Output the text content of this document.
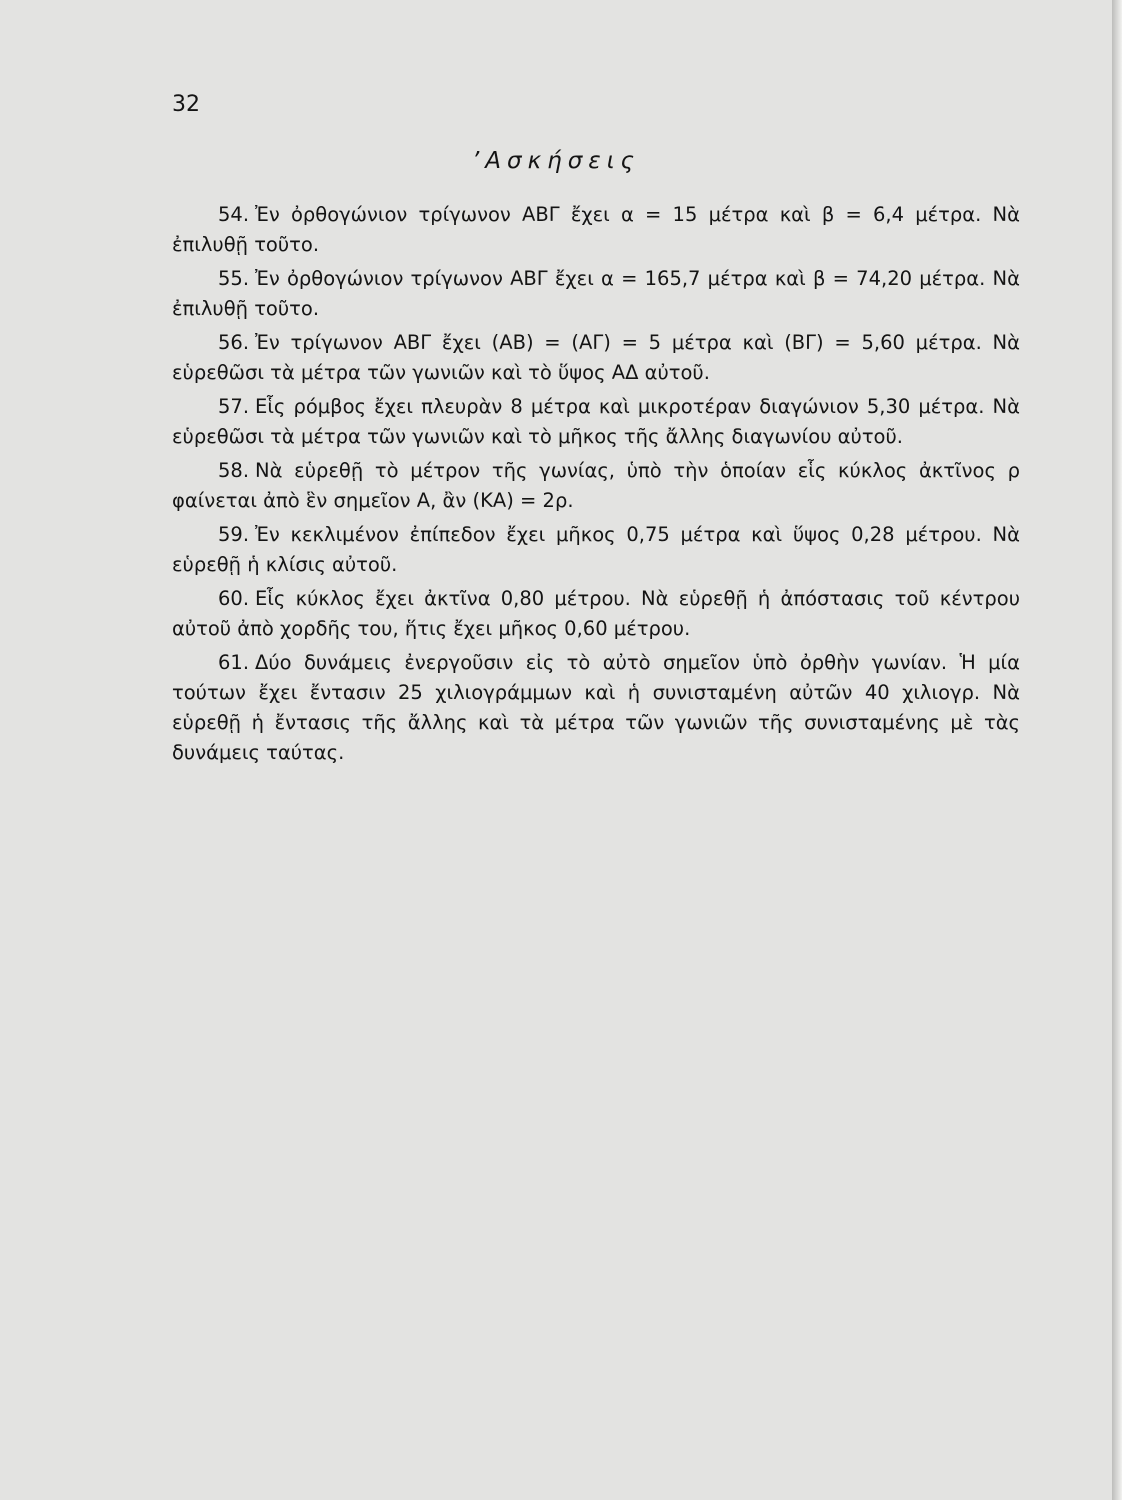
32
’Ασκήσεις
54. Ἐν ὀρθογώνιον τρίγωνον ΑΒΓ ἔχει α = 15 μέτρα καὶ β = 6,4 μέτρα. Νὰ ἐπιλυθῇ τοῦτο.
55. Ἐν ὀρθογώνιον τρίγωνον ΑΒΓ ἔχει α = 165,7 μέτρα καὶ β = 74,20 μέτρα. Νὰ ἐπιλυθῇ τοῦτο.
56. Ἐν τρίγωνον ΑΒΓ ἔχει (ΑΒ) = (ΑΓ) = 5 μέτρα καὶ (ΒΓ) = 5,60 μέτρα. Νὰ εὑρεθῶσι τὰ μέτρα τῶν γωνιῶν καὶ τὸ ὕψος ΑΔ αὐτοῦ.
57. Εἷς ρόμβος ἔχει πλευρὰν 8 μέτρα καὶ μικροτέραν διαγώνιον 5,30 μέτρα. Νὰ εὑρεθῶσι τὰ μέτρα τῶν γωνιῶν καὶ τὸ μῆκος τῆς ἄλλης διαγωνίου αὐτοῦ.
58. Νὰ εὑρεθῇ τὸ μέτρον τῆς γωνίας, ὑπὸ τὴν ὁποίαν εἷς κύκλος ἀκτῖνος ρ φαίνεται ἀπὸ ἓν σημεῖον Α, ἂν (ΚΑ) = 2ρ.
59. Ἐν κεκλιμένον ἐπίπεδον ἔχει μῆκος 0,75 μέτρα καὶ ὕψος 0,28 μέτρου. Νὰ εὑρεθῇ ἡ κλίσις αὐτοῦ.
60. Εἷς κύκλος ἔχει ἀκτῖνα 0,80 μέτρου. Νὰ εὑρεθῇ ἡ ἀπόστασις τοῦ κέντρου αὐτοῦ ἀπὸ χορδῆς του, ἥτις ἔχει μῆκος 0,60 μέτρου.
61. Δύο δυνάμεις ἐνεργοῦσιν εἰς τὸ αὐτὸ σημεῖον ὑπὸ ὀρθὴν γωνίαν. Ἡ μία τούτων ἔχει ἔντασιν 25 χιλιογράμμων καὶ ἡ συνισταμένη αὐτῶν 40 χιλιογρ. Νὰ εὑρεθῇ ἡ ἔντασις τῆς ἄλλης καὶ τὰ μέτρα τῶν γωνιῶν τῆς συνισταμένης μὲ τὰς δυνάμεις ταύτας.
